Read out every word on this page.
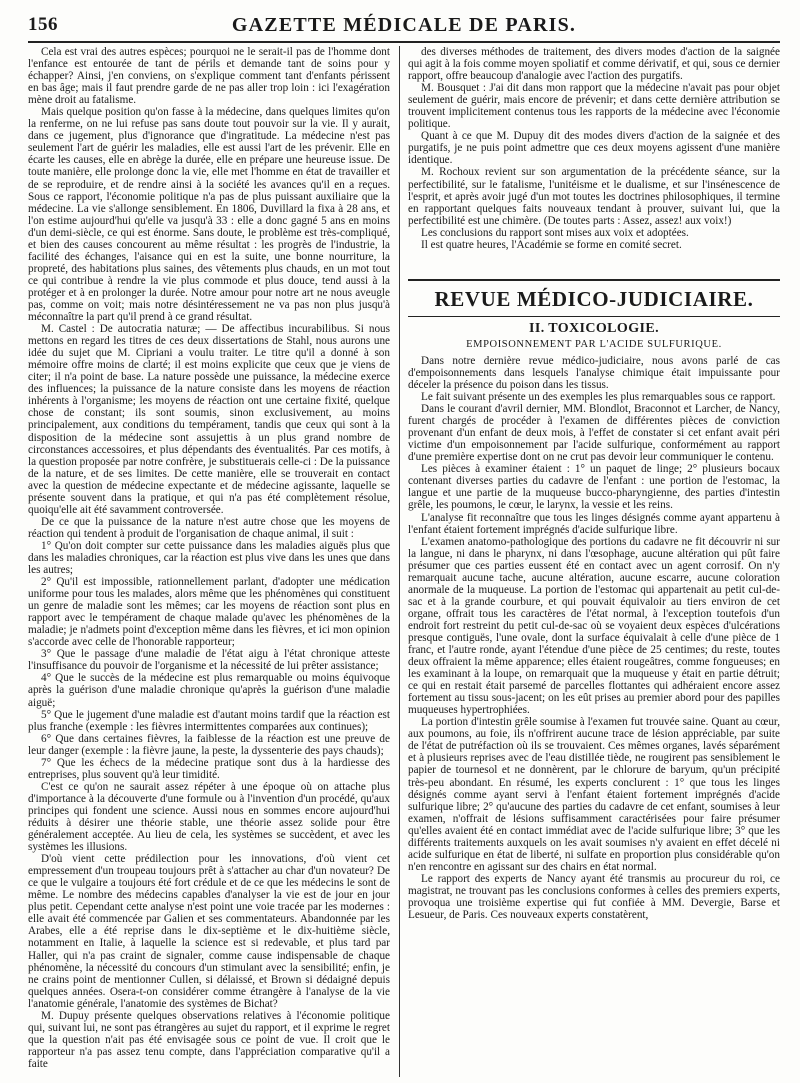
156	GAZETTE MÉDICALE DE PARIS.

Cela est vrai des autres espèces; pourquoi ne le serait-il pas de l'homme dont l'enfance est entourée de tant de périls et demande tant de soins pour y échapper? Ainsi, j'en conviens, on s'explique comment tant d'enfants périssent en bas âge; mais il faut prendre garde de ne pas aller trop loin : ici l'exagération mène droit au fatalisme.

Mais quelque position qu'on fasse à la médecine, dans quelques limites qu'on la renferme, on ne lui refuse pas sans doute tout pouvoir sur la vie. Il y aurait, dans ce jugement, plus d'ignorance que d'ingratitude. La médecine n'est pas seulement l'art de guérir les maladies, elle est aussi l'art de les prévenir. Elle en écarte les causes, elle en abrège la durée, elle en prépare une heureuse issue. De toute manière, elle prolonge donc la vie, elle met l'homme en état de travailler et de se reproduire, et de rendre ainsi à la société les avances qu'il en a reçues. Sous ce rapport, l'économie politique n'a pas de plus puissant auxiliaire que la médecine. La vie s'allonge sensiblement. En 1806, Duvillard la fixa à 28 ans, et l'on estime aujourd'hui qu'elle va jusqu'à 33 : elle a donc gagné 5 ans en moins d'un demi-siècle, ce qui est énorme. Sans doute, le problème est très-compliqué, et bien des causes concourent au même résultat : les progrès de l'industrie, la facilité des échanges, l'aisance qui en est la suite, une bonne nourriture, la propreté, des habitations plus saines, des vêtements plus chauds, en un mot tout ce qui contribue à rendre la vie plus commode et plus douce, tend aussi à la protéger et à en prolonger la durée. Notre amour pour notre art ne nous aveugle pas, comme on voit; mais notre désintéressement ne va pas non plus jusqu'à méconnaître la part qu'il prend à ce grand résultat.

M. Castel : De autocratia naturæ; — De affectibus incurabilibus. Si nous mettons en regard les titres de ces deux dissertations de Stahl, nous aurons une idée du sujet que M. Cipriani a voulu traiter. Le titre qu'il a donné à son mémoire offre moins de clarté; il est moins explicite que ceux que je viens de citer; il n'a point de base. La nature possède une puissance, la médecine exerce des influences; la puissance de la nature consiste dans les moyens de réaction inhérents à l'organisme; les moyens de réaction ont une certaine fixité, quelque chose de constant; ils sont soumis, sinon exclusivement, au moins principalement, aux conditions du tempérament, tandis que ceux qui sont à la disposition de la médecine sont assujettis à un plus grand nombre de circonstances accessoires, et plus dépendants des éventualités. Par ces motifs, à la question proposée par notre confrère, je substituerais celle-ci : De la puissance de la nature, et de ses limites. De cette manière, elle se trouverait en contact avec la question de médecine expectante et de médecine agissante, laquelle se présente souvent dans la pratique, et qui n'a pas été complètement résolue, quoiqu'elle ait été savamment controversée.

De ce que la puissance de la nature n'est autre chose que les moyens de réaction qui tendent à produit de l'organisation de chaque animal, il suit :

1° Qu'on doit compter sur cette puissance dans les maladies aiguës plus que dans les maladies chroniques, car la réaction est plus vive dans les unes que dans les autres;

2° Qu'il est impossible, rationnellement parlant, d'adopter une médication uniforme pour tous les malades, alors même que les phénomènes qui constituent un genre de maladie sont les mêmes; car les moyens de réaction sont plus en rapport avec le tempérament de chaque malade qu'avec les phénomènes de la maladie; je n'admets point d'exception même dans les fièvres, et ici mon opinion s'accorde avec celle de l'honorable rapporteur;

3° Que le passage d'une maladie de l'état aigu à l'état chronique atteste l'insuffisance du pouvoir de l'organisme et la nécessité de lui prêter assistance;

4° Que le succès de la médecine est plus remarquable ou moins équivoque après la guérison d'une maladie chronique qu'après la guérison d'une maladie aiguë;

5° Que le jugement d'une maladie est d'autant moins tardif que la réaction est plus franche (exemple : les fièvres intermittentes comparées aux continues);

6° Que dans certaines fièvres, la faiblesse de la réaction est une preuve de leur danger (exemple : la fièvre jaune, la peste, la dyssenterie des pays chauds);

7° Que les échecs de la médecine pratique sont dus à la hardiesse des entreprises, plus souvent qu'à leur timidité.

C'est ce qu'on ne saurait assez répéter à une époque où on attache plus d'importance à la découverte d'une formule ou à l'invention d'un procédé, qu'aux principes qui fondent une science. Aussi nous en sommes encore aujourd'hui réduits à désirer une théorie stable, une théorie assez solide pour être généralement acceptée. Au lieu de cela, les systèmes se succèdent, et avec les systèmes les illusions.

D'où vient cette prédilection pour les innovations, d'où vient cet empressement d'un troupeau toujours prêt à s'attacher au char d'un novateur? De ce que le vulgaire a toujours été fort crédule et de ce que les médecins le sont de même. Le nombre des médecins capables d'analyser la vie est de jour en jour plus petit. Cependant cette analyse n'est point une voie tracée par les modernes : elle avait été commencée par Galien et ses commentateurs. Abandonnée par les Arabes, elle a été reprise dans le dix-septième et le dix-huitième siècle, notamment en Italie, à laquelle la science est si redevable, et plus tard par Haller, qui n'a pas craint de signaler, comme cause indispensable de chaque phénomène, la nécessité du concours d'un stimulant avec la sensibilité; enfin, je ne crains point de mentionner Cullen, si délaissé, et Brown si dédaigné depuis quelques années. Osera-t-on considérer comme étrangère à l'analyse de la vie l'anatomie générale, l'anatomie des systèmes de Bichat?

M. Dupuy présente quelques observations relatives à l'économie politique qui, suivant lui, ne sont pas étrangères au sujet du rapport, et il exprime le regret que la question n'ait pas été envisagée sous ce point de vue. Il croit que le rapporteur n'a pas assez tenu compte, dans l'appréciation comparative qu'il a faite

des diverses méthodes de traitement, des divers modes d'action de la saignée qui agit à la fois comme moyen spoliatif et comme dérivatif, et qui, sous ce dernier rapport, offre beaucoup d'analogie avec l'action des purgatifs.

M. Bousquet : J'ai dit dans mon rapport que la médecine n'avait pas pour objet seulement de guérir, mais encore de prévenir; et dans cette dernière attribution se trouvent implicitement contenus tous les rapports de la médecine avec l'économie politique.

Quant à ce que M. Dupuy dit des modes divers d'action de la saignée et des purgatifs, je ne puis point admettre que ces deux moyens agissent d'une manière identique.

M. Rochoux revient sur son argumentation de la précédente séance, sur la perfectibilité, sur le fatalisme, l'unitéisme et le dualisme, et sur l'insénescence de l'esprit, et après avoir jugé d'un mot toutes les doctrines philosophiques, il termine en rapportant quelques faits nouveaux tendant à prouver, suivant lui, que la perfectibilité est une chimère. (De toutes parts : Assez, assez! aux voix!)

Les conclusions du rapport sont mises aux voix et adoptées.

Il est quatre heures, l'Académie se forme en comité secret.

REVUE MÉDICO-JUDICIAIRE.
II. TOXICOLOGIE.
EMPOISONNEMENT PAR L'ACIDE SULFURIQUE.

Dans notre dernière revue médico-judiciaire, nous avons parlé de cas d'empoisonnements dans lesquels l'analyse chimique était impuissante pour déceler la présence du poison dans les tissus.

Le fait suivant présente un des exemples les plus remarquables sous ce rapport.

Dans le courant d'avril dernier, MM. Blondlot, Braconnot et Larcher, de Nancy, furent chargés de procéder à l'examen de différentes pièces de conviction provenant d'un enfant de deux mois, à l'effet de constater si cet enfant avait péri victime d'un empoisonnement par l'acide sulfurique, conformément au rapport d'une première expertise dont on ne crut pas devoir leur communiquer le contenu.

Les pièces à examiner étaient : 1° un paquet de linge; 2° plusieurs bocaux contenant diverses parties du cadavre de l'enfant : une portion de l'estomac, la langue et une partie de la muqueuse bucco-pharyngienne, des parties d'intestin grêle, les poumons, le cœur, le larynx, la vessie et les reins.

L'analyse fit reconnaître que tous les linges désignés comme ayant appartenu à l'enfant étaient fortement imprégnés d'acide sulfurique libre.

L'examen anatomo-pathologique des portions du cadavre ne fit découvrir ni sur la langue, ni dans le pharynx, ni dans l'œsophage, aucune altération qui pût faire présumer que ces parties eussent été en contact avec un agent corrosif. On n'y remarquait aucune tache, aucune altération, aucune escarre, aucune coloration anormale de la muqueuse. La portion de l'estomac qui appartenait au petit cul-de-sac et à la grande courbure, et qui pouvait équivaloir au tiers environ de cet organe, offrait tous les caractères de l'état normal, à l'exception toutefois d'un endroit fort restreint du petit cul-de-sac où se voyaient deux espèces d'ulcérations presque contiguës, l'une ovale, dont la surface équivalait à celle d'une pièce de 1 franc, et l'autre ronde, ayant l'étendue d'une pièce de 25 centimes; du reste, toutes deux offraient la même apparence; elles étaient rougeâtres, comme fongueuses; en les examinant à la loupe, on remarquait que la muqueuse y était en partie détruit; ce qui en restait était parsemé de parcelles flottantes qui adhéraient encore assez fortement au tissu sous-jacent; on les eût prises au premier abord pour des papilles muqueuses hypertrophiées.

La portion d'intestin grêle soumise à l'examen fut trouvée saine. Quant au cœur, aux poumons, au foie, ils n'offrirent aucune trace de lésion appréciable, par suite de l'état de putréfaction où ils se trouvaient. Ces mêmes organes, lavés séparément et à plusieurs reprises avec de l'eau distillée tiède, ne rougirent pas sensiblement le papier de tournesol et ne donnèrent, par le chlorure de baryum, qu'un précipité très-peu abondant. En résumé, les experts conclurent : 1° que tous les linges désignés comme ayant servi à l'enfant étaient fortement imprégnés d'acide sulfurique libre; 2° qu'aucune des parties du cadavre de cet enfant, soumises à leur examen, n'offrait de lésions suffisamment caractérisées pour faire présumer qu'elles avaient été en contact immédiat avec de l'acide sulfurique libre; 3° que les différents traitements auxquels on les avait soumises n'y avaient en effet décelé ni acide sulfurique en état de liberté, ni sulfate en proportion plus considérable qu'on n'en rencontre en agissant sur des chairs en état normal.

Le rapport des experts de Nancy ayant été transmis au procureur du roi, ce magistrat, ne trouvant pas les conclusions conformes à celles des premiers experts, provoqua une troisième expertise qui fut confiée à MM. Devergie, Barse et Lesueur, de Paris. Ces nouveaux experts constatèrent,
